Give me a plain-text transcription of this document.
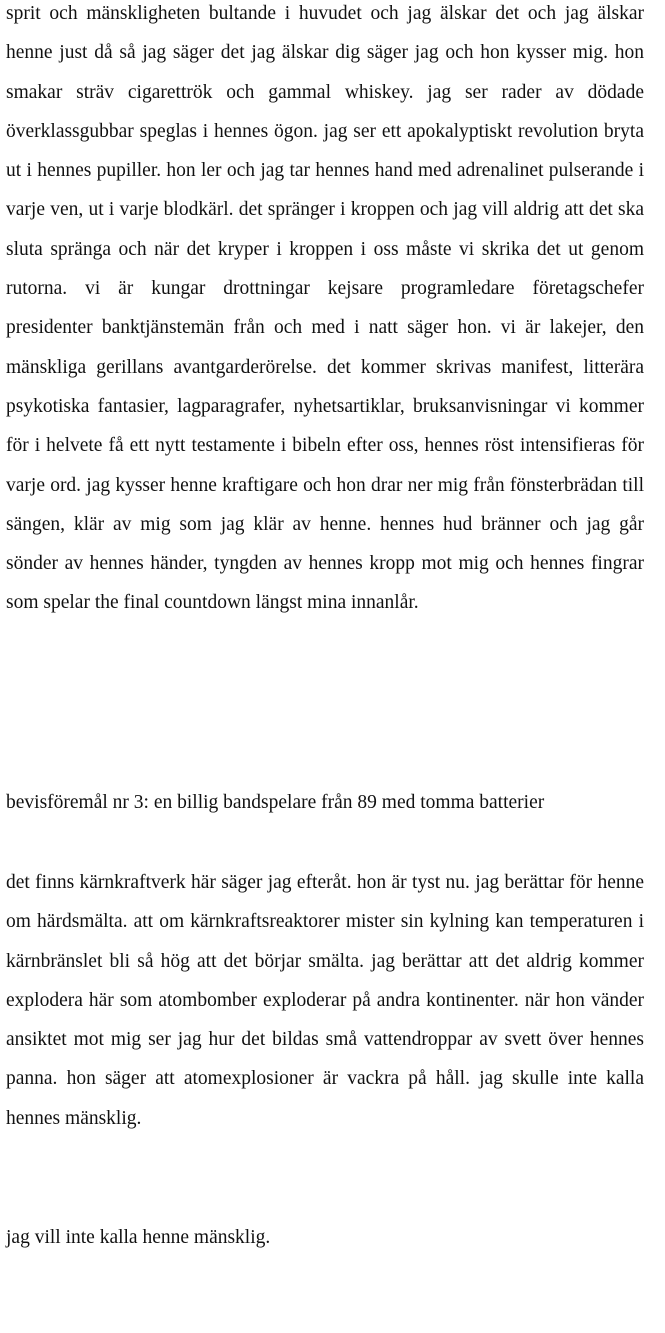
sprit och mänskligheten bultande i huvudet och jag älskar det och jag älskar henne just då så jag säger det jag älskar dig säger jag och hon kysser mig. hon smakar sträv cigarettrök och gammal whiskey. jag ser rader av dödade överklassgubbar speglas i hennes ögon. jag ser ett apokalyptiskt revolution bryta ut i hennes pupiller. hon ler och jag tar hennes hand med adrenalinet pulserande i varje ven, ut i varje blodkärl. det spränger i kroppen och jag vill aldrig att det ska sluta spränga och när det kryper i kroppen i oss måste vi skrika det ut genom rutorna. vi är kungar drottningar kejsare programledare företagschefer presidenter banktjänstemän från och med i natt säger hon. vi är lakejer, den mänskliga gerillans avantgarderörelse. det kommer skrivas manifest, litterära psykotiska fantasier, lagparagrafer, nyhetsartiklar, bruksanvisningar vi kommer för i helvete få ett nytt testamente i bibeln efter oss, hennes röst intensifieras för varje ord. jag kysser henne kraftigare och hon drar ner mig från fönsterbrädan till sängen, klär av mig som jag klär av henne. hennes hud bränner och jag går sönder av hennes händer, tyngden av hennes kropp mot mig och hennes fingrar som spelar the final countdown längst mina innanlår.

bevisföremål nr 3: en billig bandspelare från 89 med tomma batterier

det finns kärnkraftverk här säger jag efteråt. hon är tyst nu. jag berättar för henne om härdsmälta. att om kärnkraftsreaktorer mister sin kylning kan temperaturen i kärnbränslet bli så hög att det börjar smälta. jag berättar att det aldrig kommer explodera här som atombomber exploderar på andra kontinenter. när hon vänder ansiktet mot mig ser jag hur det bildas små vattendroppar av svett över hennes panna. hon säger att atomexplosioner är vackra på håll. jag skulle inte kalla hennes mänsklig.

jag vill inte kalla henne mänsklig.
